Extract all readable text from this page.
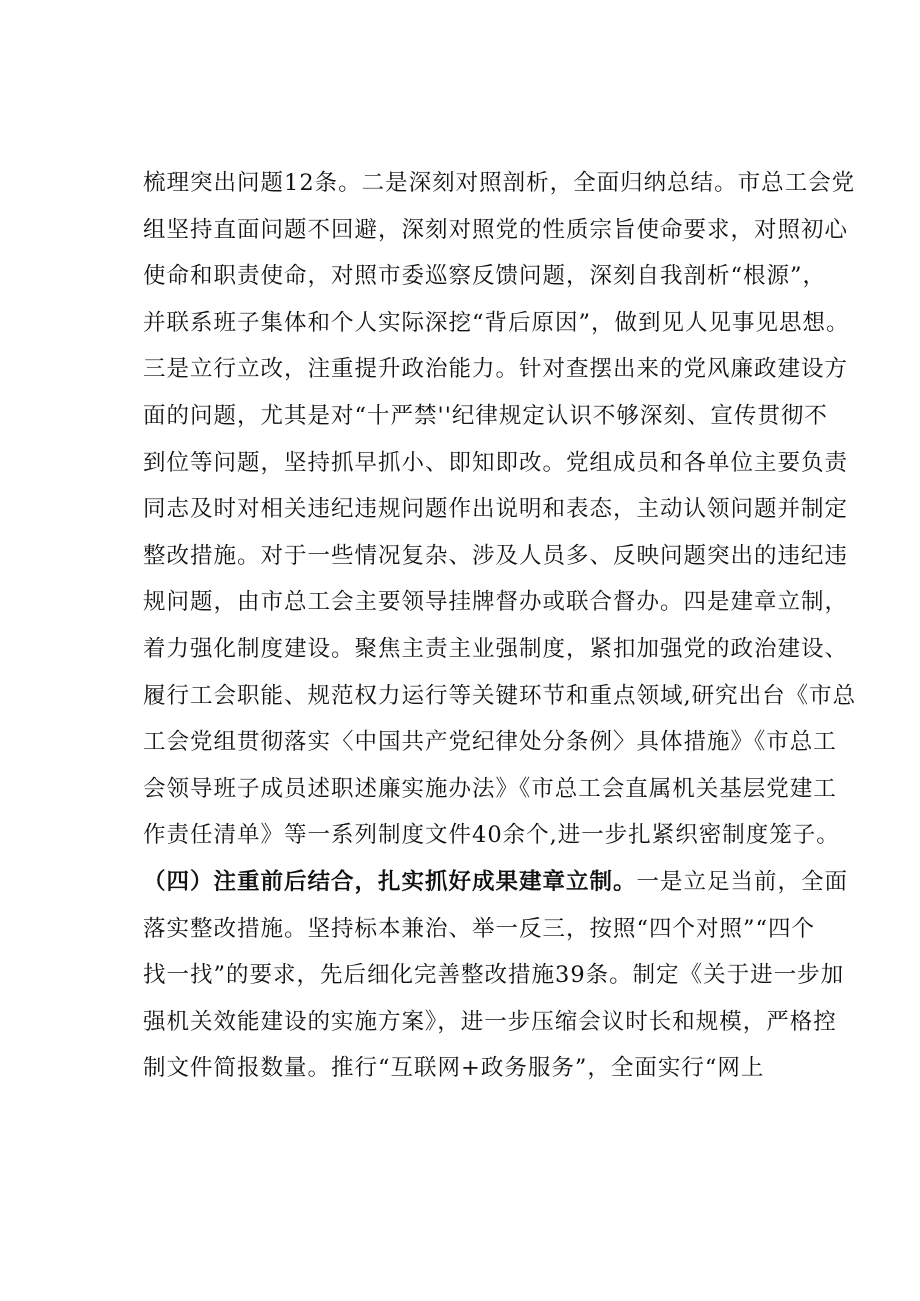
梳理突出问题12条。二是深刻对照剖析，全面归纳总结。市总工会党
组坚持直面问题不回避，深刻对照党的性质宗旨使命要求，对照初心
使命和职责使命，对照市委巡察反馈问题，深刻自我剖析“根源”，
并联系班子集体和个人实际深挖“背后原因”，做到见人见事见思想。
三是立行立改，注重提升政治能力。针对查摆出来的党风廉政建设方
面的问题，尤其是对“十严禁''纪律规定认识不够深刻、宣传贯彻不
到位等问题，坚持抓早抓小、即知即改。党组成员和各单位主要负责
同志及时对相关违纪违规问题作出说明和表态，主动认领问题并制定
整改措施。对于一些情况复杂、涉及人员多、反映问题突出的违纪违
规问题，由市总工会主要领导挂牌督办或联合督办。四是建章立制，
着力强化制度建设。聚焦主责主业强制度，紧扣加强党的政治建设、
履行工会职能、规范权力运行等关键环节和重点领域,研究出台《市总
工会党组贯彻落实〈中国共产党纪律处分条例〉具体措施》《市总工
会领导班子成员述职述廉实施办法》《市总工会直属机关基层党建工
作责任清单》等一系列制度文件40余个,进一步扎紧织密制度笼子。
（四）注重前后结合，扎实抓好成果建章立制。一是立足当前，全面
落实整改措施。坚持标本兼治、举一反三，按照“四个对照”“四个
找一找”的要求，先后细化完善整改措施39条。制定《关于进一步加
强机关效能建设的实施方案》，进一步压缩会议时长和规模，严格控
制文件简报数量。推行“互联网+政务服务”，全面实行“网上
